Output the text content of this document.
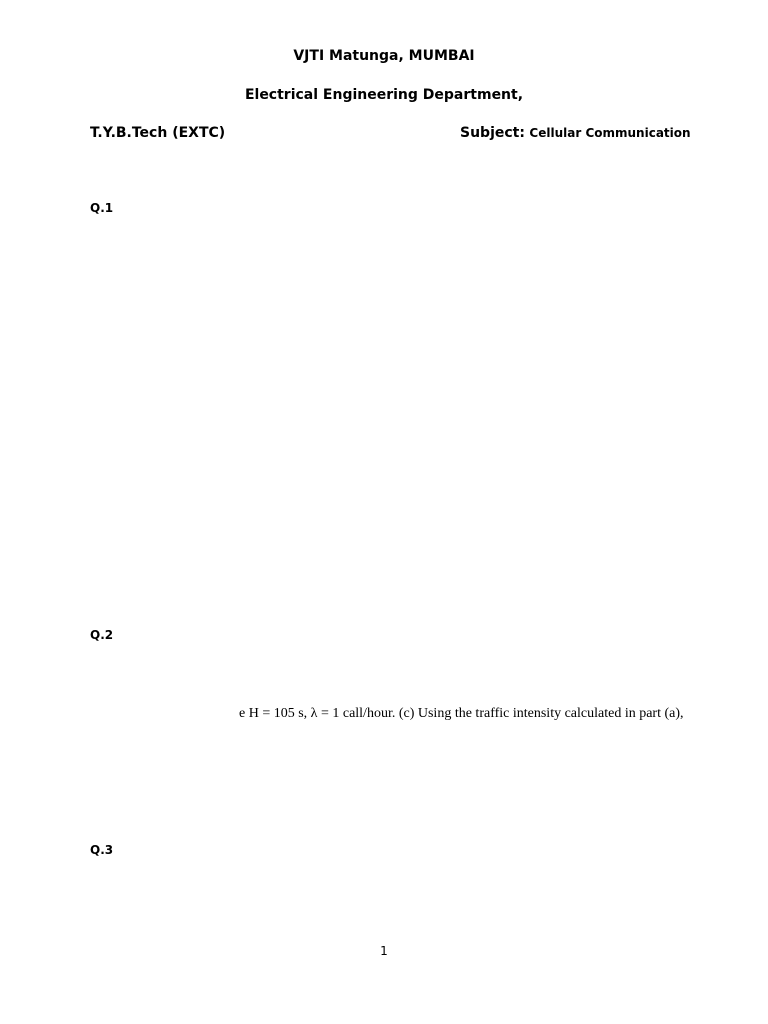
VJTI Matunga, MUMBAI
Electrical Engineering Department,
T.Y.B.Tech (EXTC)	Subject: Cellular Communication
Q.1
Q.2
e H = 105 s, λ = 1 call/hour. (c) Using the traffic intensity calculated in part (a),
Q.3
1
